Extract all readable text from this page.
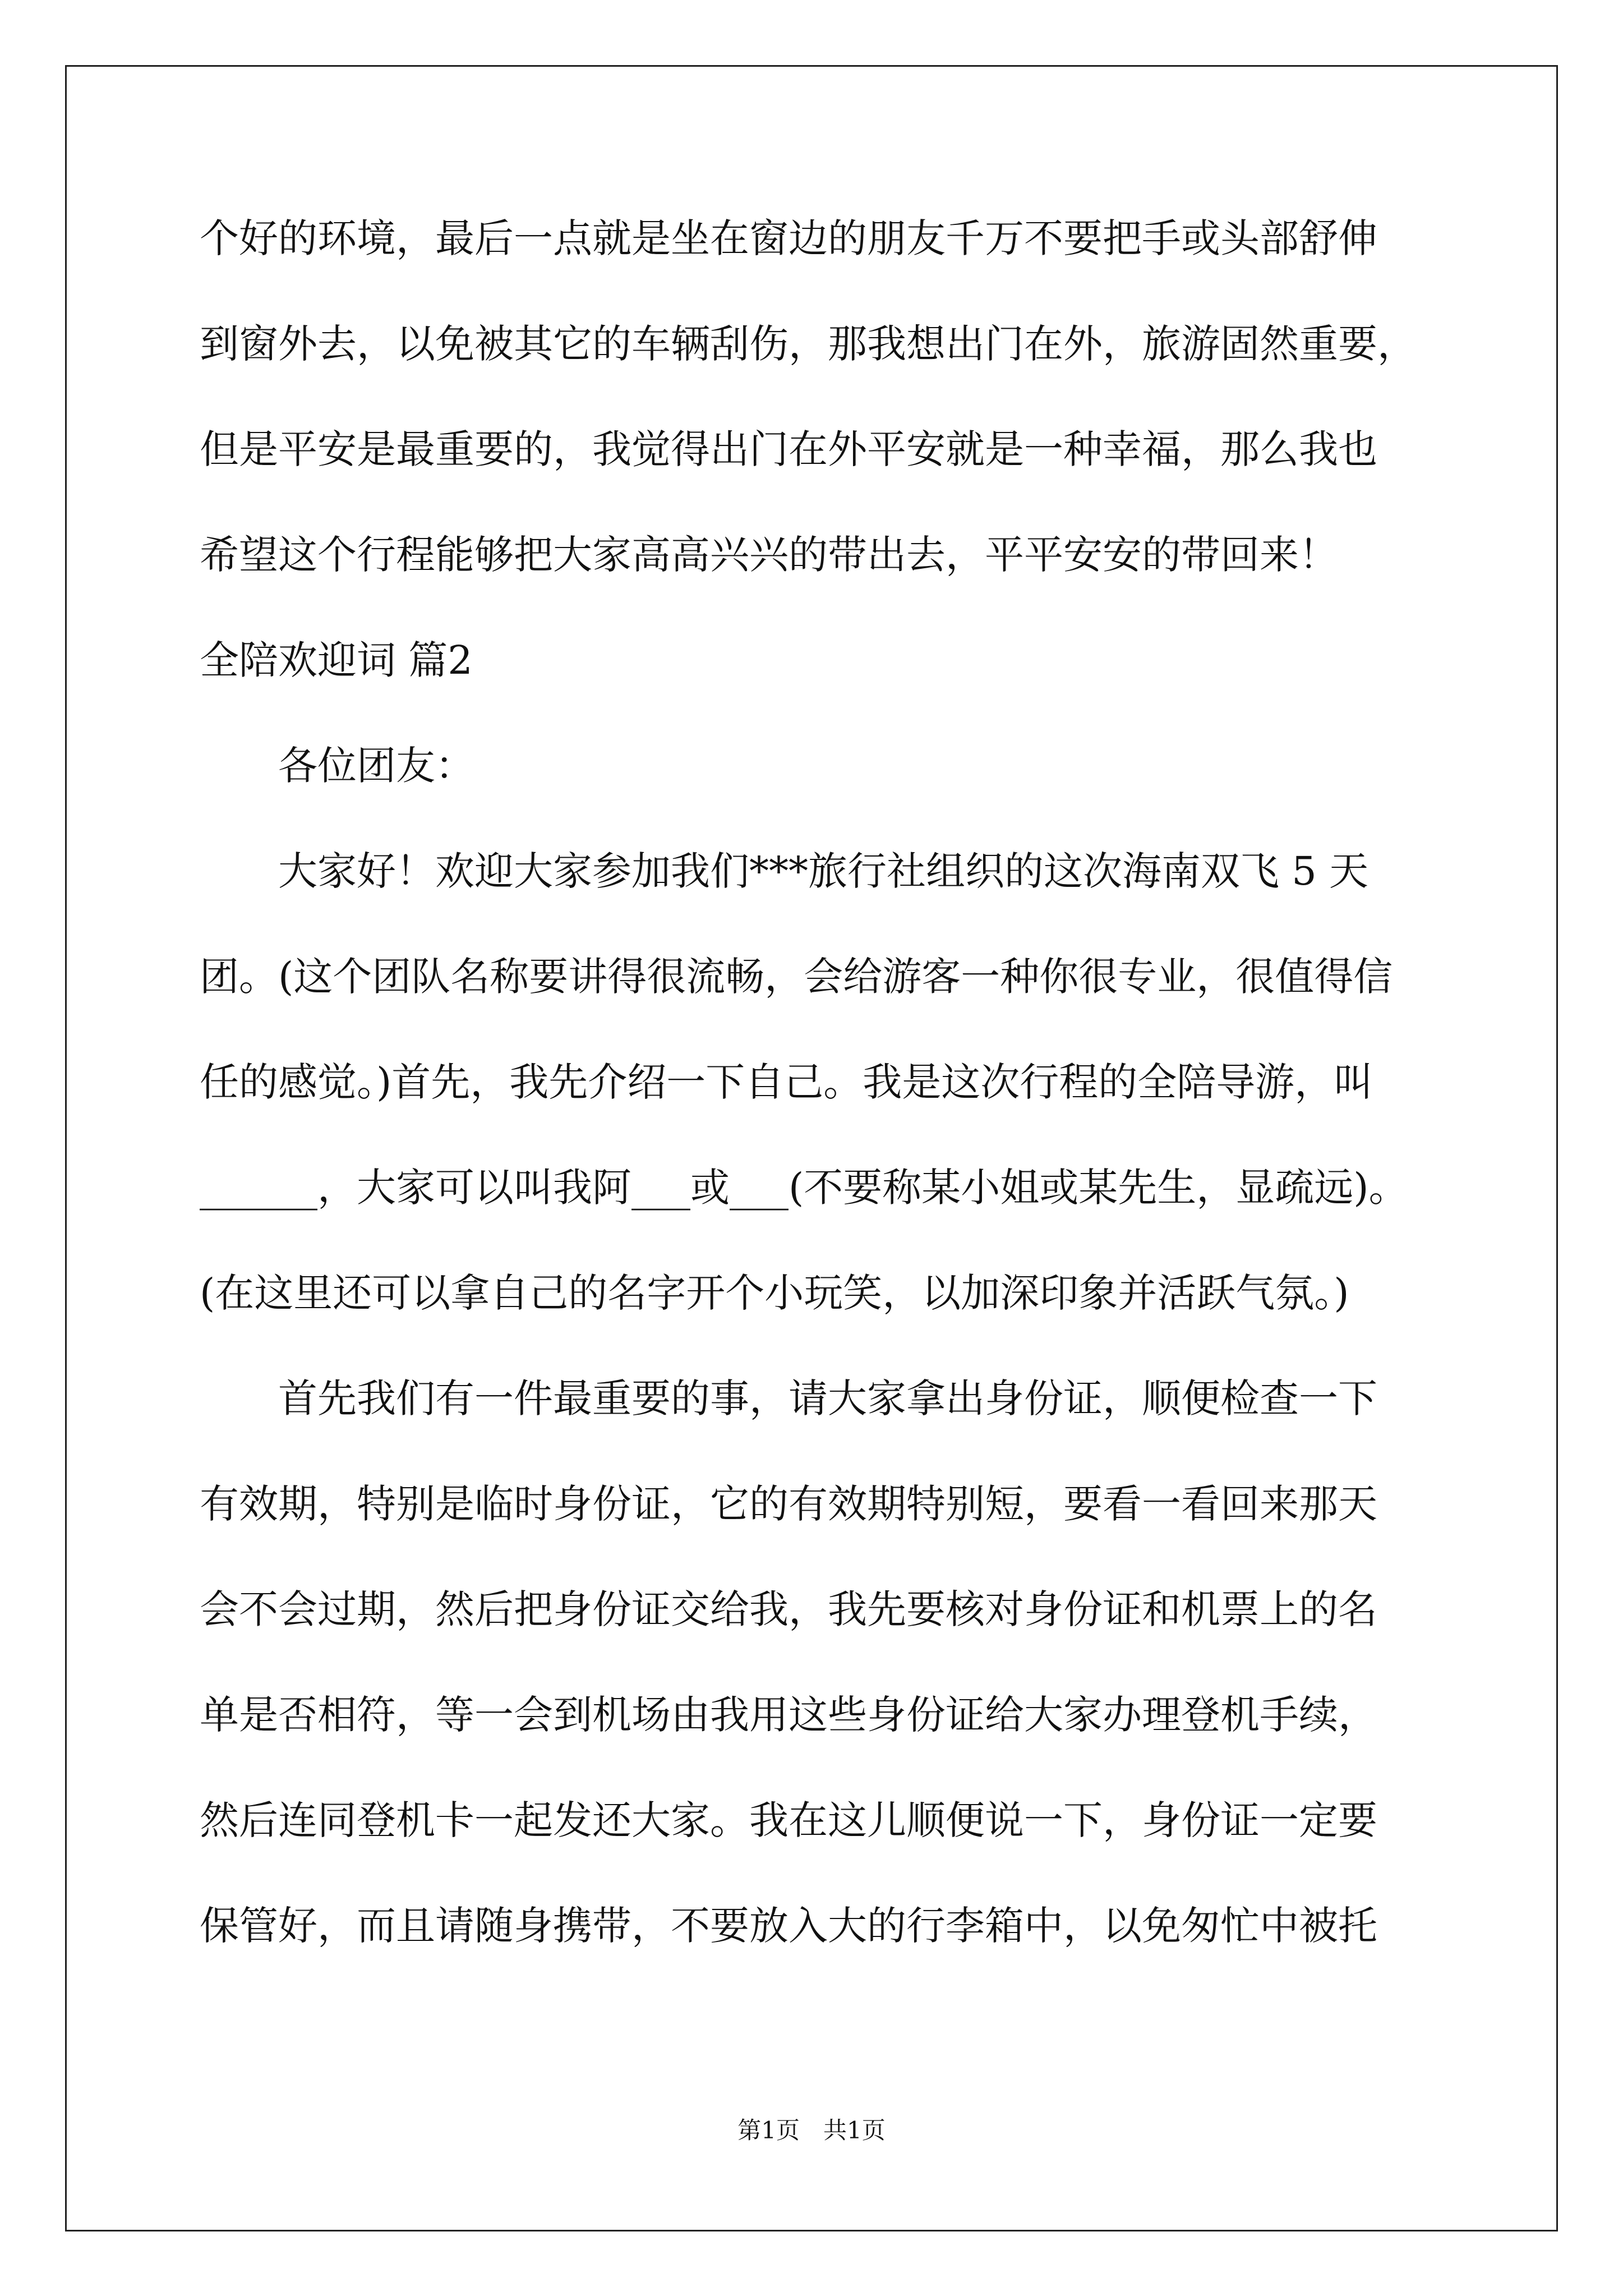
个好的环境，最后一点就是坐在窗边的朋友千万不要把手或头部舒伸
到窗外去，以免被其它的车辆刮伤，那我想出门在外，旅游固然重要，
但是平安是最重要的，我觉得出门在外平安就是一种幸福，那么我也
希望这个行程能够把大家高高兴兴的带出去，平平安安的带回来！
全陪欢迎词 篇2
各位团友：
大家好！欢迎大家参加我们***旅行社组织的这次海南双飞 5 天
团。(这个团队名称要讲得很流畅，会给游客一种你很专业，很值得信
任的感觉。)首先，我先介绍一下自己。我是这次行程的全陪导游，叫
______，大家可以叫我阿___或___(不要称某小姐或某先生，显疏远)。
(在这里还可以拿自己的名字开个小玩笑，以加深印象并活跃气氛。)
首先我们有一件最重要的事，请大家拿出身份证，顺便检查一下
有效期，特别是临时身份证，它的有效期特别短，要看一看回来那天
会不会过期，然后把身份证交给我，我先要核对身份证和机票上的名
单是否相符，等一会到机场由我用这些身份证给大家办理登机手续，
然后连同登机卡一起发还大家。我在这儿顺便说一下，身份证一定要
保管好，而且请随身携带，不要放入大的行李箱中，以免匆忙中被托
第1页　共1页
